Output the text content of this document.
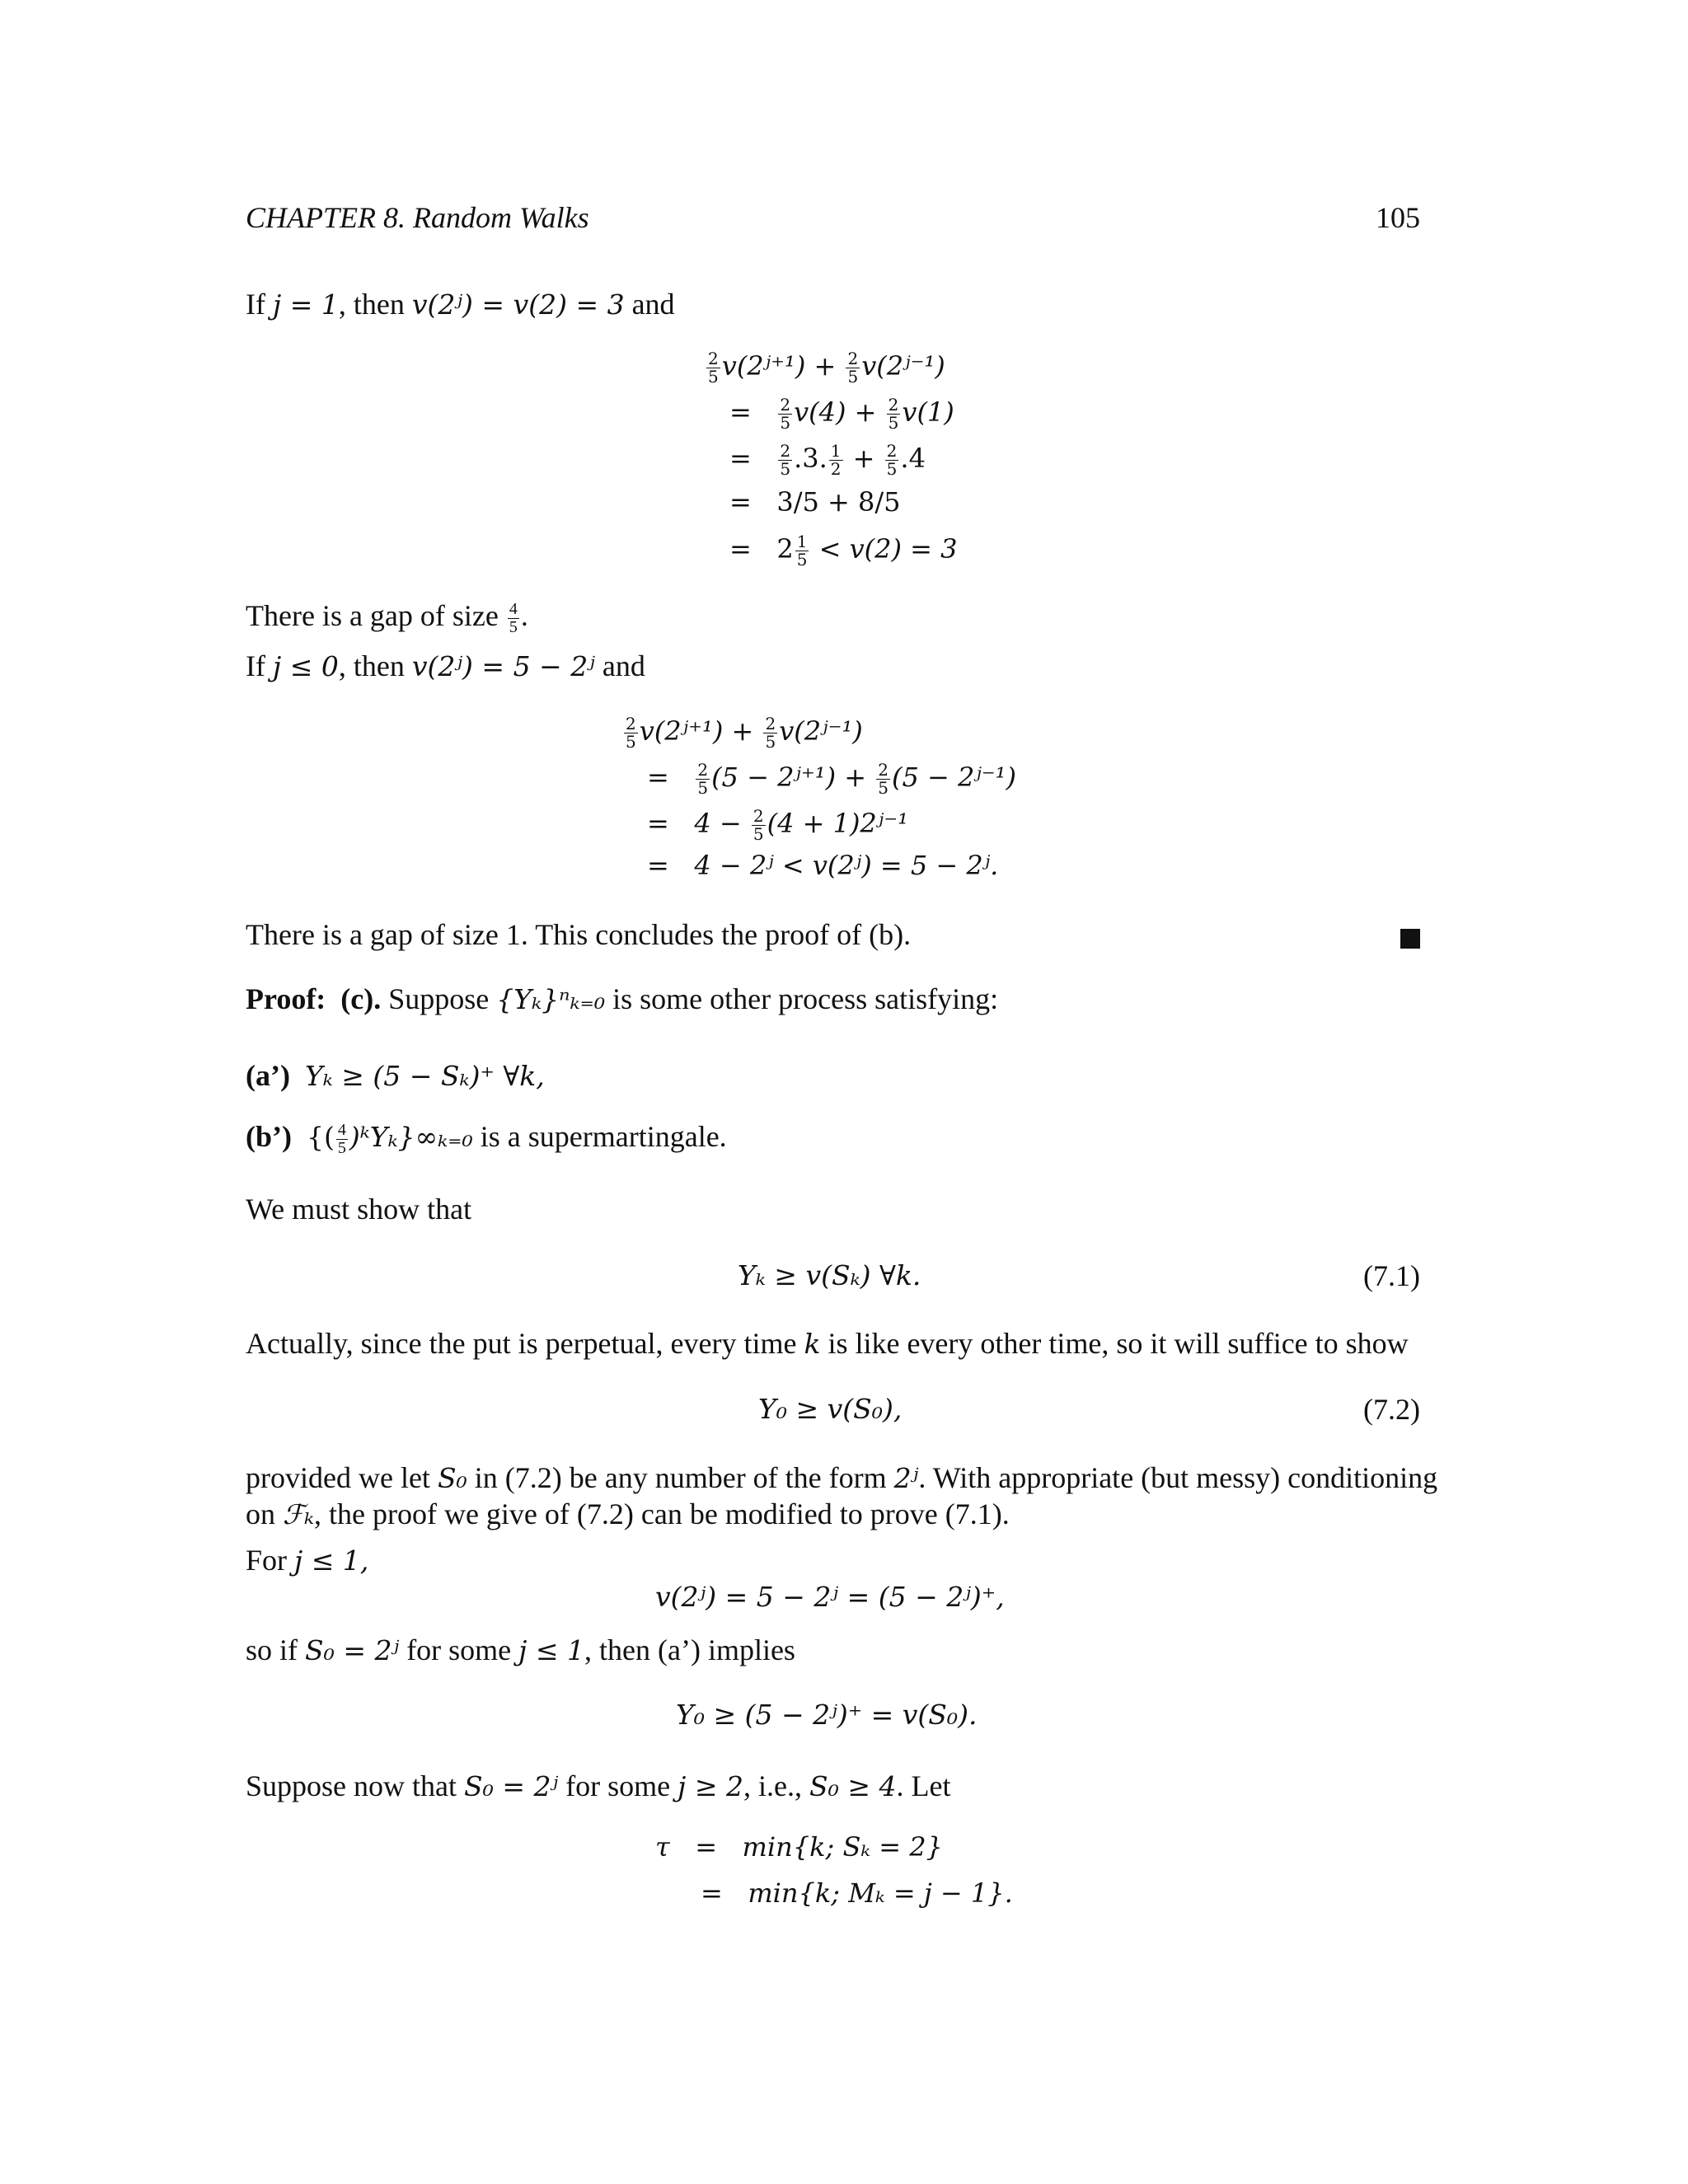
CHAPTER 8. Random Walks	105
If j = 1, then v(2ʲ) = v(2) = 3 and
$\frac{2}{5}$ v(2ʲ⁺¹) + $\frac{2}{5}$ v(2ʲ⁻¹)
= $\frac{2}{5} v(4) + \frac{2}{5} v(1)$
= $\frac{2}{5} .3$. $\frac{1}{2} + \frac{2}{5} .4$
= 3/5 + 8/5
= $2 \frac{1}{5} < v(2) = 3$
There is a gap of size $\frac{4}{5}$ .
If j ≤ 0, then v(2ʲ) = 5 − 2ʲ and
$\frac{2}{5}$ v(2ʲ⁺¹) + $\frac{2}{5}$ v(2ʲ⁻¹)
= $\frac{2}{5} (5$ − 2ʲ⁺¹) + $\frac{2}{5} (5$ − 2ʲ⁻¹)
= $4 - \frac{2}{5} (4$ + 1)2ʲ⁻¹
= 4 − 2ʲ < v(2ʲ) = 5 − 2ʲ.
There is a gap of size 1. This concludes the proof of (b).
Proof: (c). Suppose {Yₖ}ⁿₖ₌₀ is some other process satisfying:
(a’) Yₖ ≥ (5 − Sₖ)⁺ ∀k,
(b’) {( $\frac{4}{5}$ )ᵏYₖ}∞ₖ₌₀ is a supermartingale.
We must show that
Yₖ ≥ v(Sₖ) ∀k.	(7.1)
Actually, since the put is perpetual, every time k is like every other time, so it will suffice to show
Y₀ ≥ v(S₀),	(7.2)
provided we let S₀ in (7.2) be any number of the form 2ʲ. With appropriate (but messy) conditioning
on ℱₖ, the proof we give of (7.2) can be modified to prove (7.1).
For j ≤ 1,
v(2ʲ) = 5 − 2ʲ = (5 − 2ʲ)⁺,
so if S₀ = 2ʲ for some j ≤ 1, then (a’) implies
Y₀ ≥ (5 − 2ʲ)⁺ = v(S₀).
Suppose now that S₀ = 2ʲ for some j ≥ 2, i.e., S₀ ≥ 4. Let
τ = min{k; Sₖ = 2}
= min{k; Mₖ = j − 1}.
